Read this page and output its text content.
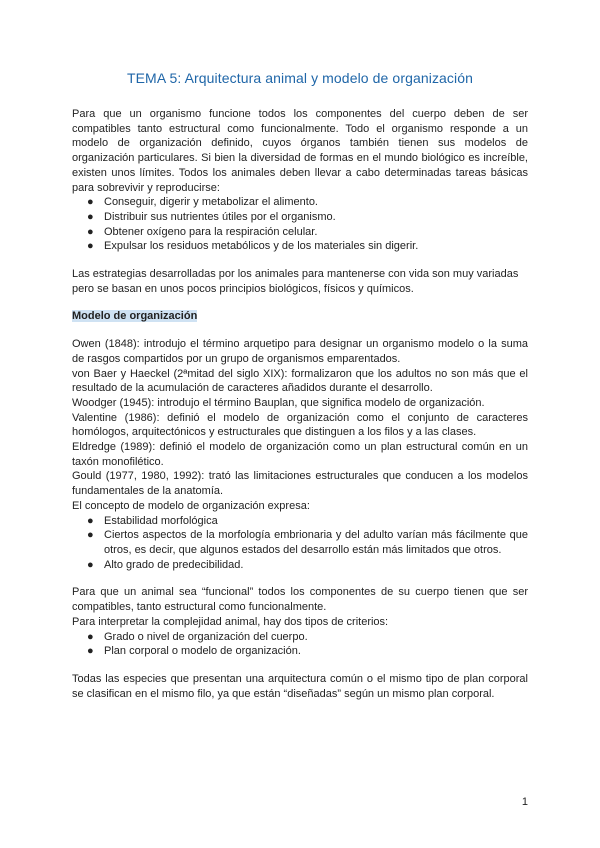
TEMA 5: Arquitectura animal y modelo de organización

Para que un organismo funcione todos los componentes del cuerpo deben de ser compatibles tanto estructural como funcionalmente. Todo el organismo responde a un modelo de organización definido, cuyos órganos también tienen sus modelos de organización particulares. Si bien la diversidad de formas en el mundo biológico es increíble, existen unos límites. Todos los animales deben llevar a cabo determinadas tareas básicas para sobrevivir y reproducirse:

● Conseguir, digerir y metabolizar el alimento.
● Distribuir sus nutrientes útiles por el organismo.
● Obtener oxígeno para la respiración celular.
● Expulsar los residuos metabólicos y de los materiales sin digerir.

Las estrategias desarrolladas por los animales para mantenerse con vida son muy variadas pero se basan en unos pocos principios biológicos, físicos y químicos.

Modelo de organización

Owen (1848): introdujo el término arquetipo para designar un organismo modelo o la suma de rasgos compartidos por un grupo de organismos emparentados.

von Baer y Haeckel (2ªmitad del siglo XIX): formalizaron que los adultos no son más que el resultado de la acumulación de caracteres añadidos durante el desarrollo.

Woodger (1945): introdujo el término Bauplan, que significa modelo de organización.

Valentine (1986): definió el modelo de organización como el conjunto de caracteres homólogos, arquitectónicos y estructurales que distinguen a los filos y a las clases.

Eldredge (1989): definió el modelo de organización como un plan estructural común en un taxón monofilético.

Gould (1977, 1980, 1992): trató las limitaciones estructurales que conducen a los modelos fundamentales de la anatomía.

El concepto de modelo de organización expresa:

● Estabilidad morfológica
● Ciertos aspectos de la morfología embrionaria y del adulto varían más fácilmente que otros, es decir, que algunos estados del desarrollo están más limitados que otros.
● Alto grado de predecibilidad.

Para que un animal sea “funcional” todos los componentes de su cuerpo tienen que ser compatibles, tanto estructural como funcionalmente.

Para interpretar la complejidad animal, hay dos tipos de criterios:

● Grado o nivel de organización del cuerpo.
● Plan corporal o modelo de organización.

Todas las especies que presentan una arquitectura común o el mismo tipo de plan corporal se clasifican en el mismo filo, ya que están “diseñadas” según un mismo plan corporal.

1
